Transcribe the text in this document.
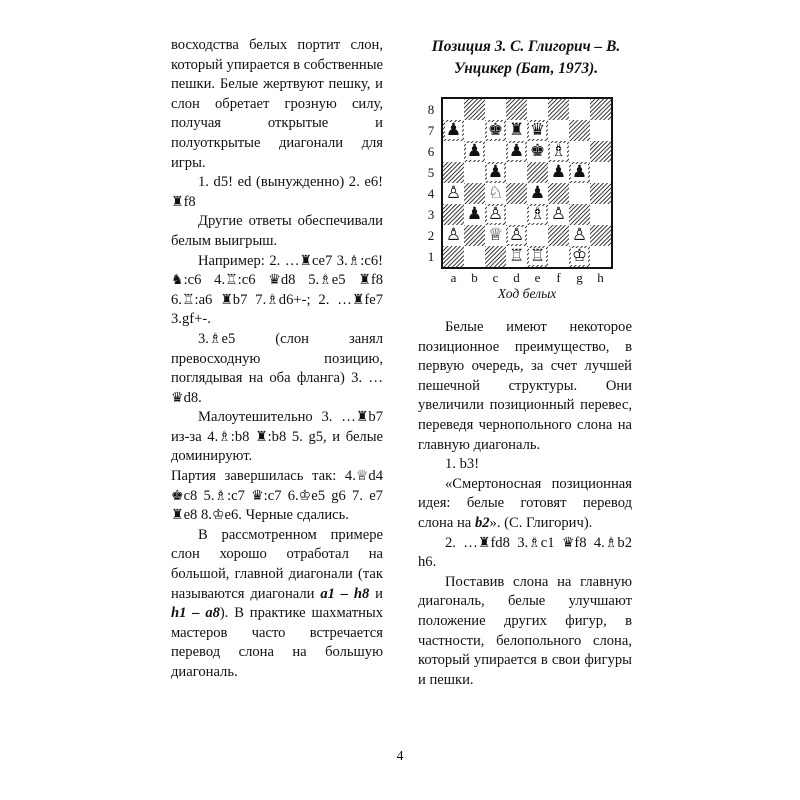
восходства белых портит слон, который упирается в собственные пешки. Белые жертвуют пешку, и слон обретает грозную силу, получая открытые и полуоткрытые диагонали для игры.

1. d5! ed (вынужденно) 2. e6! ♜f8

Другие ответы обеспечивали белым выигрыш.

Например: 2. …♜ce7 3.♗:c6! ♞:c6 4.♖:c6 ♛d8 5.♗e5 ♜f8 6.♖:a6 ♜b7 7.♗d6+-; 2. …♜fe7 3.gf+-.

3.♗e5 (слон занял превосходную позицию, поглядывая на оба фланга) 3. …♛d8.

Малоутешительно 3. …♜b7 из-за 4.♗:b8 ♜:b8 5. g5, и белые доминируют.

Партия завершилась так: 4.♕d4 ♚c8 5.♗:c7 ♛:c7 6.♔e5 g6 7. e7 ♜e8 8.♔e6. Черные сдались.

В рассмотренном примере слон хорошо отработал на большой, главной диагонали (так называются диагонали a1 – h8 и h1 – a8). В практике шахматных мастеров часто встречается перевод слона на большую диагональ.

Позиция 3. С. Глигорич – В. Унцикер (Бат, 1973).
♟ ♚ ♜ ♛
♟ ♟ ♚ ♗
♟	♟ ♟
♙ ♘ ♟
♟ ♙ ♗ ♙
♙ ♕ ♙	♙
♖ ♖ ♔
Ход белых
8
7
6
5
4
3
2
1
a	b	c	d	e	f	g	h

Белые имеют некоторое позиционное преимущество, в первую очередь, за счет лучшей пешечной структуры. Они увеличили позиционный перевес, переведя чернопольного слона на главную диагональ.

1. b3!

«Смертоносная позиционная идея: белые готовят перевод слона на b2». (С. Глигорич).

2. …♜fd8 3.♗c1 ♛f8 4.♗b2 h6.

Поставив слона на главную диагональ, белые улучшают положение других фигур, в частности, белопольного слона, который упирается в свои фигуры и пешки.

4
